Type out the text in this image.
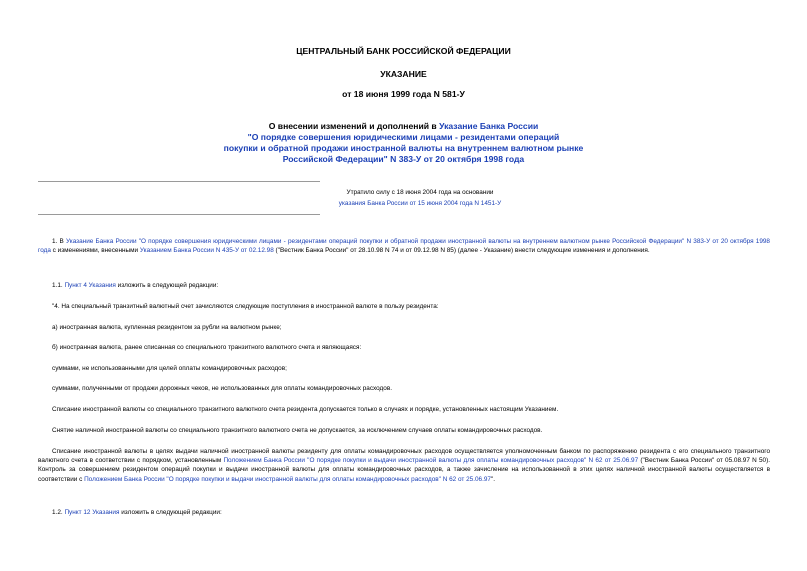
ЦЕНТРАЛЬНЫЙ БАНК РОССИЙСКОЙ ФЕДЕРАЦИИ
УКАЗАНИЕ
от 18 июня 1999 года N 581-У
О внесении изменений и дополнений в Указание Банка России
"О порядке совершения юридическими лицами - резидентами операций
покупки и обратной продажи иностранной валюты на внутреннем валютном рынке
Российской Федерации" N 383-У от 20 октября 1998 года
Утратило силу с 18 июня 2004 года на основании
указания Банка России от 15 июня 2004 года N 1451-У
1. В Указание Банка России "О порядке совершения юридическими лицами - резидентами операций покупки и обратной продажи иностранной валюты на внутреннем валютном рынке Российской Федерации" N 383-У от 20 октября 1998 года с изменениями, внесенными Указанием Банка России N 435-У от 02.12.98 ("Вестник Банка России" от 28.10.98 N 74 и от 09.12.98 N 85) (далее - Указание) внести следующие изменения и дополнения.
1.1. Пункт 4 Указания изложить в следующей редакции:
"4. На специальный транзитный валютный счет зачисляются следующие поступления в иностранной валюте в пользу резидента:
а) иностранная валюта, купленная резидентом за рубли на валютном рынке;
б) иностранная валюта, ранее списанная со специального транзитного валютного счета и являющаяся:
суммами, не использованными для целей оплаты командировочных расходов;
суммами, полученными от продажи дорожных чеков, не использованных для оплаты командировочных расходов.
Списание иностранной валюты со специального транзитного валютного счета резидента допускается только в случаях и порядке, установленных настоящим Указанием.
Снятие наличной иностранной валюты со специального транзитного валютного счета не допускается, за исключением случаев оплаты командировочных расходов.
Списание иностранной валюты в целях выдачи наличной иностранной валюты резиденту для оплаты командировочных расходов осуществляется уполномоченным банком по распоряжению резидента с его специального транзитного валютного счета в соответствии с порядком, установленным Положением Банка России "О порядке покупки и выдачи иностранной валюты для оплаты командировочных расходов" N 62 от 25.06.97 ("Вестник Банка России" от 05.08.97 N 50). Контроль за совершением резидентом операций покупки и выдачи иностранной валюты для оплаты командировочных расходов, а также зачисление на использованной в этих целях наличной иностранной валюты осуществляется в соответствии с Положением Банка России "О порядке покупки и выдачи иностранной валюты для оплаты командировочных расходов" N 62 от 25.06.97".
1.2. Пункт 12 Указания изложить в следующей редакции:
